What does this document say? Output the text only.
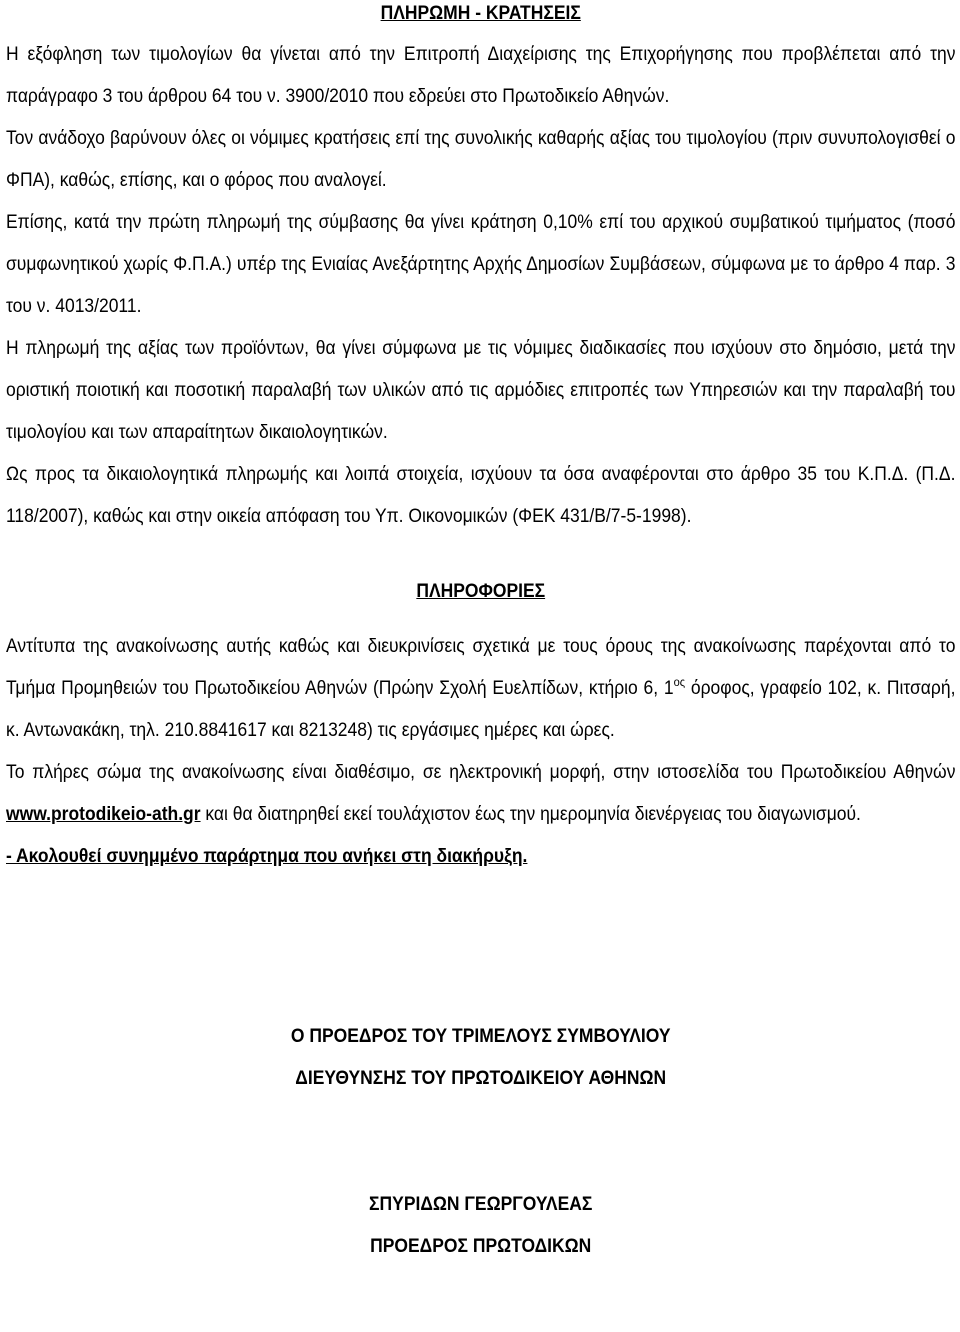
ΠΛΗΡΩΜΗ - ΚΡΑΤΗΣΕΙΣ

Η εξόφληση των τιμολογίων θα γίνεται από την Επιτροπή Διαχείρισης της Επιχορήγησης που προβλέπεται από την παράγραφο 3 του άρθρου 64 του ν. 3900/2010 που εδρεύει στο Πρωτοδικείο Αθηνών.

Τον ανάδοχο βαρύνουν όλες οι νόμιμες κρατήσεις επί της συνολικής καθαρής αξίας του τιμολογίου (πριν συνυπολογισθεί ο ΦΠΑ), καθώς, επίσης, και ο φόρος που αναλογεί.

Επίσης, κατά την πρώτη πληρωμή της σύμβασης θα γίνει κράτηση 0,10% επί του αρχικού συμβατικού τιμήματος (ποσό συμφωνητικού χωρίς Φ.Π.Α.) υπέρ της Ενιαίας Ανεξάρτητης Αρχής Δημοσίων Συμβάσεων, σύμφωνα με το άρθρο 4 παρ. 3 του ν. 4013/2011.

Η πληρωμή της αξίας των προϊόντων, θα γίνει σύμφωνα με τις νόμιμες διαδικασίες που ισχύουν στο δημόσιο, μετά την οριστική ποιοτική και ποσοτική παραλαβή των υλικών από τις αρμόδιες επιτροπές των Υπηρεσιών και την παραλαβή του τιμολογίου και των απαραίτητων δικαιολογητικών.

Ως προς τα δικαιολογητικά πληρωμής και λοιπά στοιχεία, ισχύουν τα όσα αναφέρονται στο άρθρο 35 του Κ.Π.Δ. (Π.Δ. 118/2007), καθώς και στην οικεία απόφαση του Υπ. Οικονομικών (ΦΕΚ 431/Β/7-5-1998).

ΠΛΗΡΟΦΟΡΙΕΣ

Αντίτυπα της ανακοίνωσης αυτής καθώς και διευκρινίσεις σχετικά με τους όρους της ανακοίνωσης παρέχονται από το Τμήμα Προμηθειών του Πρωτοδικείου Αθηνών (Πρώην Σχολή Ευελπίδων, κτήριο 6, $1^{o\varsigma}$ όροφος, γραφείο 102, κ. Πιτσαρή, κ. Αντωνακάκη, τηλ. 210.8841617 και 8213248) τις εργάσιμες ημέρες και ώρες.

Το πλήρες σώμα της ανακοίνωσης είναι διαθέσιμο, σε ηλεκτρονική μορφή, στην ιστοσελίδα του Πρωτοδικείου Αθηνών www.protodikeio-ath.gr και θα διατηρηθεί εκεί τουλάχιστον έως την ημερομηνία διενέργειας του διαγωνισμού.

- Ακολουθεί συνημμένο παράρτημα που ανήκει στη διακήρυξη.

Ο ΠΡΟΕΔΡΟΣ ΤΟΥ ΤΡΙΜΕΛΟΥΣ ΣΥΜΒΟΥΛΙΟΥ

ΔΙΕΥΘΥΝΣΗΣ ΤΟΥ ΠΡΩΤΟΔΙΚΕΙΟΥ ΑΘΗΝΩΝ

ΣΠΥΡΙΔΩΝ ΓΕΩΡΓΟΥΛΕΑΣ

ΠΡΟΕΔΡΟΣ ΠΡΩΤΟΔΙΚΩΝ
